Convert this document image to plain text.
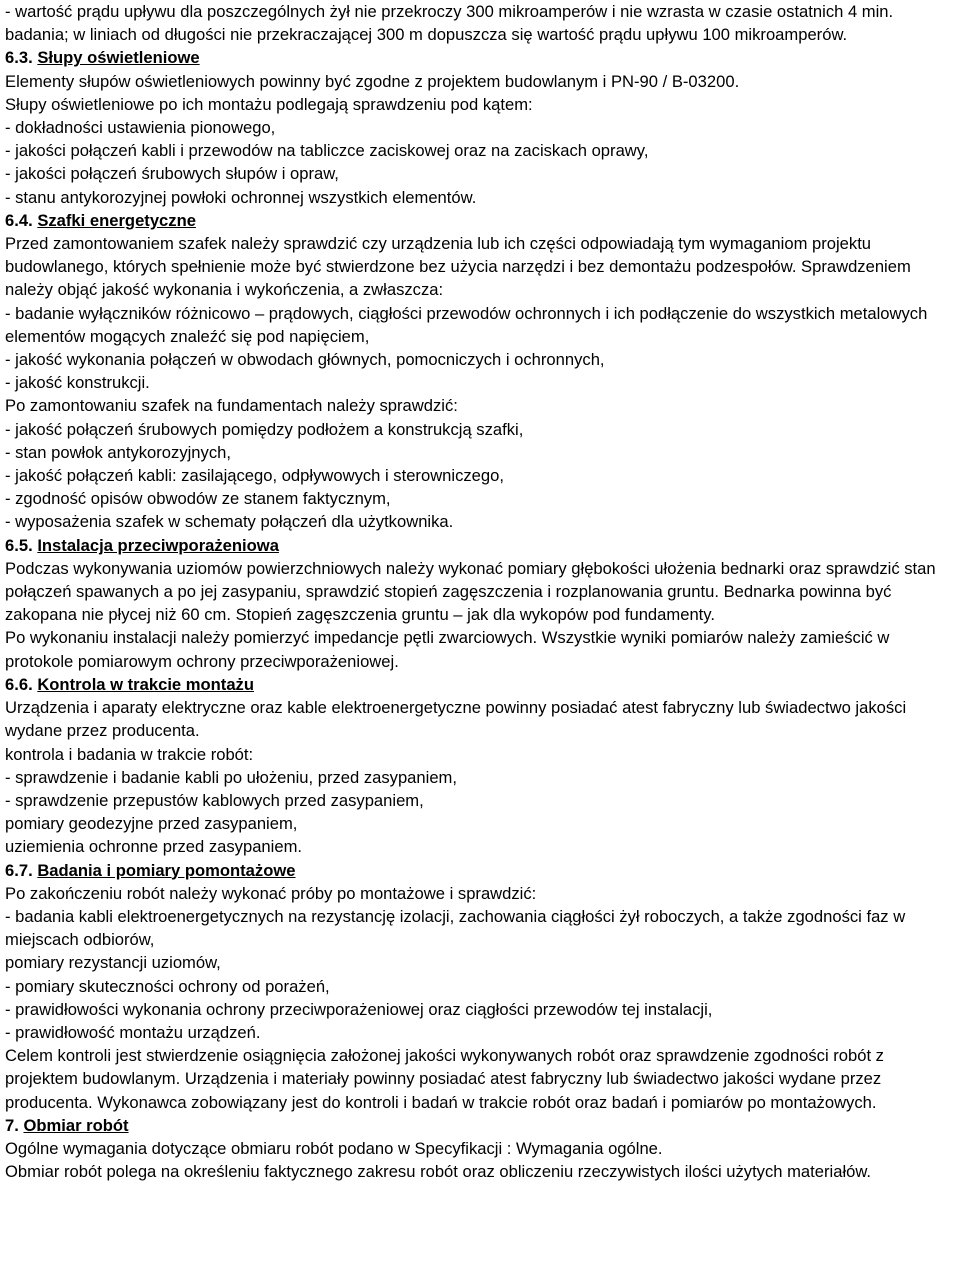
- wartość prądu upływu dla poszczególnych żył nie przekroczy 300 mikroamperów i nie wzrasta w czasie ostatnich 4 min. badania; w liniach od długości nie przekraczającej 300 m dopuszcza się wartość prądu upływu 100 mikroamperów.

6.3. Słupy oświetleniowe

Elementy słupów oświetleniowych powinny być zgodne z projektem budowlanym i PN-90 / B-03200.

Słupy oświetleniowe po ich montażu podlegają sprawdzeniu pod kątem:

- dokładności ustawienia pionowego,

- jakości połączeń kabli i przewodów na tabliczce zaciskowej oraz na zaciskach oprawy,

- jakości połączeń śrubowych słupów i opraw,

- stanu antykorozyjnej powłoki ochronnej wszystkich elementów.

6.4. Szafki energetyczne

Przed zamontowaniem szafek należy sprawdzić czy urządzenia lub ich części odpowiadają tym wymaganiom projektu budowlanego, których spełnienie może być stwierdzone bez użycia narzędzi i bez demontażu podzespołów. Sprawdzeniem należy objąć jakość wykonania i wykończenia, a zwłaszcza:

- badanie wyłączników różnicowo – prądowych, ciągłości przewodów ochronnych i ich podłączenie do wszystkich metalowych elementów mogących znaleźć się pod napięciem,

- jakość wykonania połączeń w obwodach głównych, pomocniczych i ochronnych,

- jakość konstrukcji.

Po zamontowaniu szafek na fundamentach należy sprawdzić:

- jakość połączeń śrubowych pomiędzy podłożem a konstrukcją szafki,

- stan powłok antykorozyjnych,

- jakość połączeń kabli: zasilającego, odpływowych i sterowniczego,

- zgodność opisów obwodów ze stanem faktycznym,

- wyposażenia szafek w schematy połączeń dla użytkownika.

6.5. Instalacja przeciwporażeniowa

Podczas wykonywania uziomów powierzchniowych należy wykonać pomiary głębokości ułożenia bednarki oraz sprawdzić stan połączeń spawanych a po jej zasypaniu, sprawdzić stopień zagęszczenia i rozplanowania gruntu. Bednarka powinna być zakopana nie płycej niż 60 cm. Stopień zagęszczenia gruntu – jak dla wykopów pod fundamenty.

Po wykonaniu instalacji należy pomierzyć impedancje pętli zwarciowych. Wszystkie wyniki pomiarów należy zamieścić w protokole pomiarowym ochrony przeciwporażeniowej.

6.6. Kontrola w trakcie montażu

Urządzenia i aparaty elektryczne oraz kable elektroenergetyczne powinny posiadać atest fabryczny lub świadectwo jakości wydane przez producenta.

kontrola i badania w trakcie robót:

- sprawdzenie i badanie kabli po ułożeniu, przed zasypaniem,

- sprawdzenie przepustów kablowych przed zasypaniem,

pomiary geodezyjne przed zasypaniem,

uziemienia ochronne przed zasypaniem.

6.7. Badania i pomiary pomontażowe

Po zakończeniu robót należy wykonać próby po montażowe i sprawdzić:

- badania kabli elektroenergetycznych na rezystancję izolacji, zachowania ciągłości żył roboczych, a także zgodności faz w miejscach odbiorów,

pomiary rezystancji uziomów,

- pomiary skuteczności ochrony od porażeń,

- prawidłowości wykonania ochrony przeciwporażeniowej oraz ciągłości przewodów tej instalacji,

- prawidłowość montażu urządzeń.

Celem kontroli jest stwierdzenie osiągnięcia założonej jakości wykonywanych robót oraz sprawdzenie zgodności robót z projektem budowlanym. Urządzenia i materiały powinny posiadać atest fabryczny lub świadectwo jakości wydane przez producenta. Wykonawca zobowiązany jest do kontroli i badań w trakcie robót oraz badań i pomiarów po montażowych.

7. Obmiar robót

Ogólne wymagania dotyczące obmiaru robót podano w Specyfikacji : Wymagania ogólne.

Obmiar robót polega na określeniu faktycznego zakresu robót oraz obliczeniu rzeczywistych ilości użytych materiałów.
